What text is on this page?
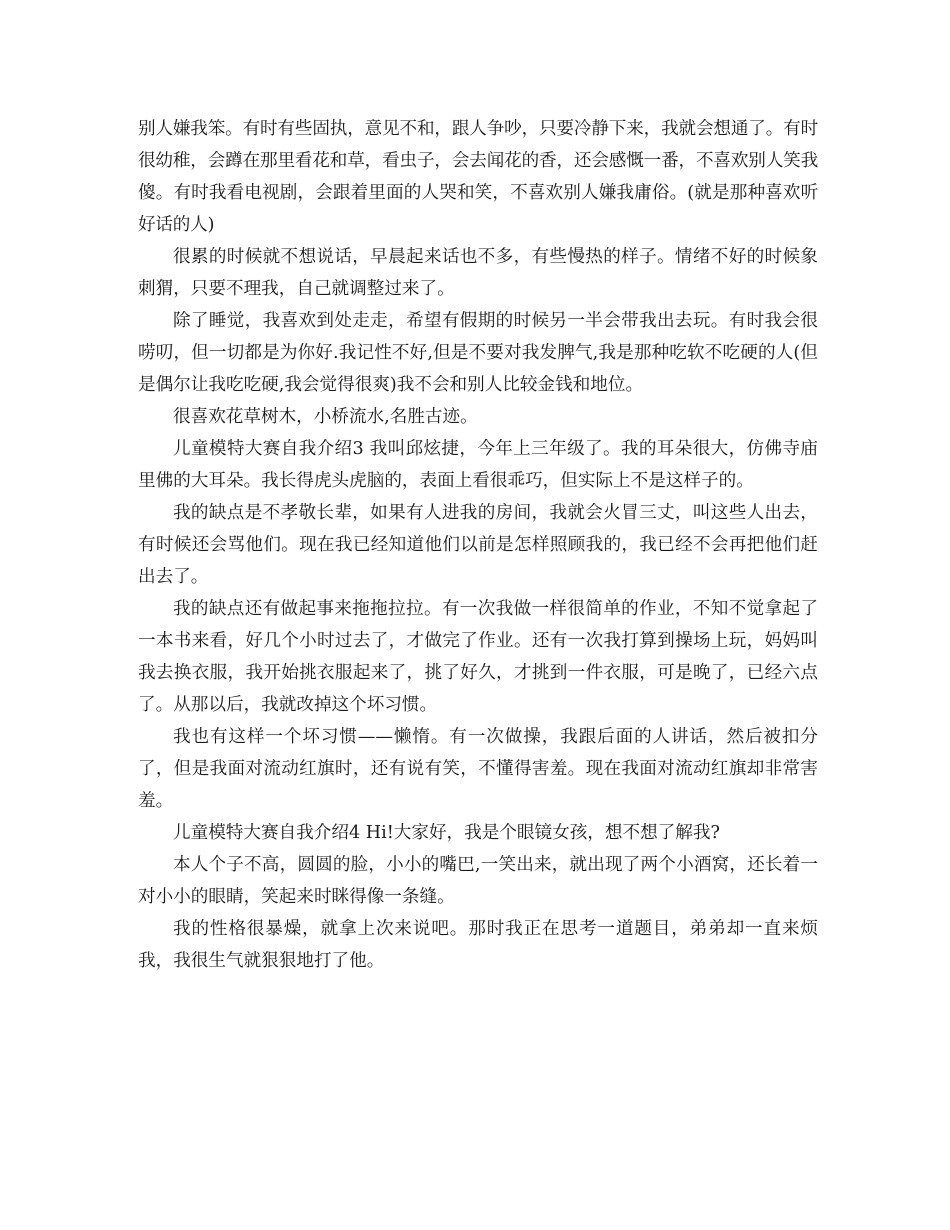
别人嫌我笨。有时有些固执，意见不和，跟人争吵，只要冷静下来，我就会想通了。有时很幼稚，会蹲在那里看花和草，看虫子，会去闻花的香，还会感慨一番，不喜欢别人笑我傻。有时我看电视剧，会跟着里面的人哭和笑，不喜欢别人嫌我庸俗。(就是那种喜欢听好话的人)

很累的时候就不想说话，早晨起来话也不多，有些慢热的样子。情绪不好的时候象刺猬，只要不理我，自己就调整过来了。

除了睡觉，我喜欢到处走走，希望有假期的时候另一半会带我出去玩。有时我会很唠叨，但一切都是为你好.我记性不好,但是不要对我发脾气,我是那种吃软不吃硬的人(但是偶尔让我吃吃硬,我会觉得很爽)我不会和别人比较金钱和地位。

很喜欢花草树木，小桥流水,名胜古迹。

儿童模特大赛自我介绍3 我叫邱炫捷，今年上三年级了。我的耳朵很大，仿佛寺庙里佛的大耳朵。我长得虎头虎脑的，表面上看很乖巧，但实际上不是这样子的。

我的缺点是不孝敬长辈，如果有人进我的房间，我就会火冒三丈，叫这些人出去，有时候还会骂他们。现在我已经知道他们以前是怎样照顾我的，我已经不会再把他们赶出去了。

我的缺点还有做起事来拖拖拉拉。有一次我做一样很简单的作业，不知不觉拿起了一本书来看，好几个小时过去了，才做完了作业。还有一次我打算到操场上玩，妈妈叫我去换衣服，我开始挑衣服起来了，挑了好久，才挑到一件衣服，可是晚了，已经六点了。从那以后，我就改掉这个坏习惯。

我也有这样一个坏习惯——懒惰。有一次做操，我跟后面的人讲话，然后被扣分了，但是我面对流动红旗时，还有说有笑，不懂得害羞。现在我面对流动红旗却非常害羞。

儿童模特大赛自我介绍4 Hi!大家好，我是个眼镜女孩，想不想了解我?

本人个子不高，圆圆的脸，小小的嘴巴,一笑出来，就出现了两个小酒窝，还长着一对小小的眼睛，笑起来时眯得像一条缝。

我的性格很暴燥，就拿上次来说吧。那时我正在思考一道题目，弟弟却一直来烦我，我很生气就狠狠地打了他。
